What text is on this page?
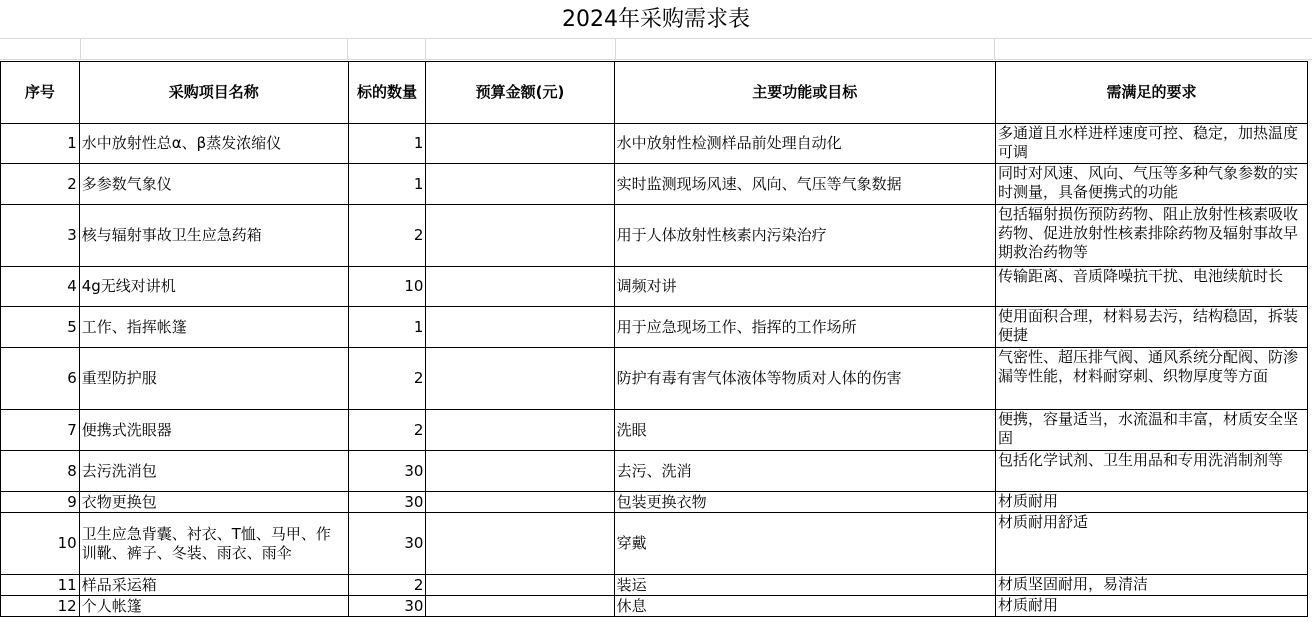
2024年采购需求表
序号	采购项目名称	标的数量	预算金额(元)	主要功能或目标	需满足的要求
1	水中放射性总α、β蒸发浓缩仪	1		水中放射性检测样品前处理自动化	多通道且水样进样速度可控、稳定，加热温度可调
2	多参数气象仪	1		实时监测现场风速、风向、气压等气象数据	同时对风速、风向、气压等多种气象参数的实时测量，具备便携式的功能
3	核与辐射事故卫生应急药箱	2		用于人体放射性核素内污染治疗	包括辐射损伤预防药物、阻止放射性核素吸收药物、促进放射性核素排除药物及辐射事故早期救治药物等
4	4g无线对讲机	10		调频对讲	传输距离、音质降噪抗干扰、电池续航时长
5	工作、指挥帐篷	1		用于应急现场工作、指挥的工作场所	使用面积合理，材料易去污，结构稳固，拆装便捷
6	重型防护服	2		防护有毒有害气体液体等物质对人体的伤害	气密性、超压排气阀、通风系统分配阀、防渗漏等性能，材料耐穿刺、织物厚度等方面
7	便携式洗眼器	2		洗眼	便携，容量适当，水流温和丰富，材质安全坚固
8	去污洗消包	30		去污、洗消	包括化学试剂、卫生用品和专用洗消制剂等
9	衣物更换包	30		包装更换衣物	材质耐用
10	卫生应急背囊、衬衣、T恤、马甲、作训靴、裤子、冬装、雨衣、雨伞	30		穿戴	材质耐用舒适
11	样品采运箱	2		装运	材质坚固耐用，易清洁
12	个人帐篷	30		休息	材质耐用
